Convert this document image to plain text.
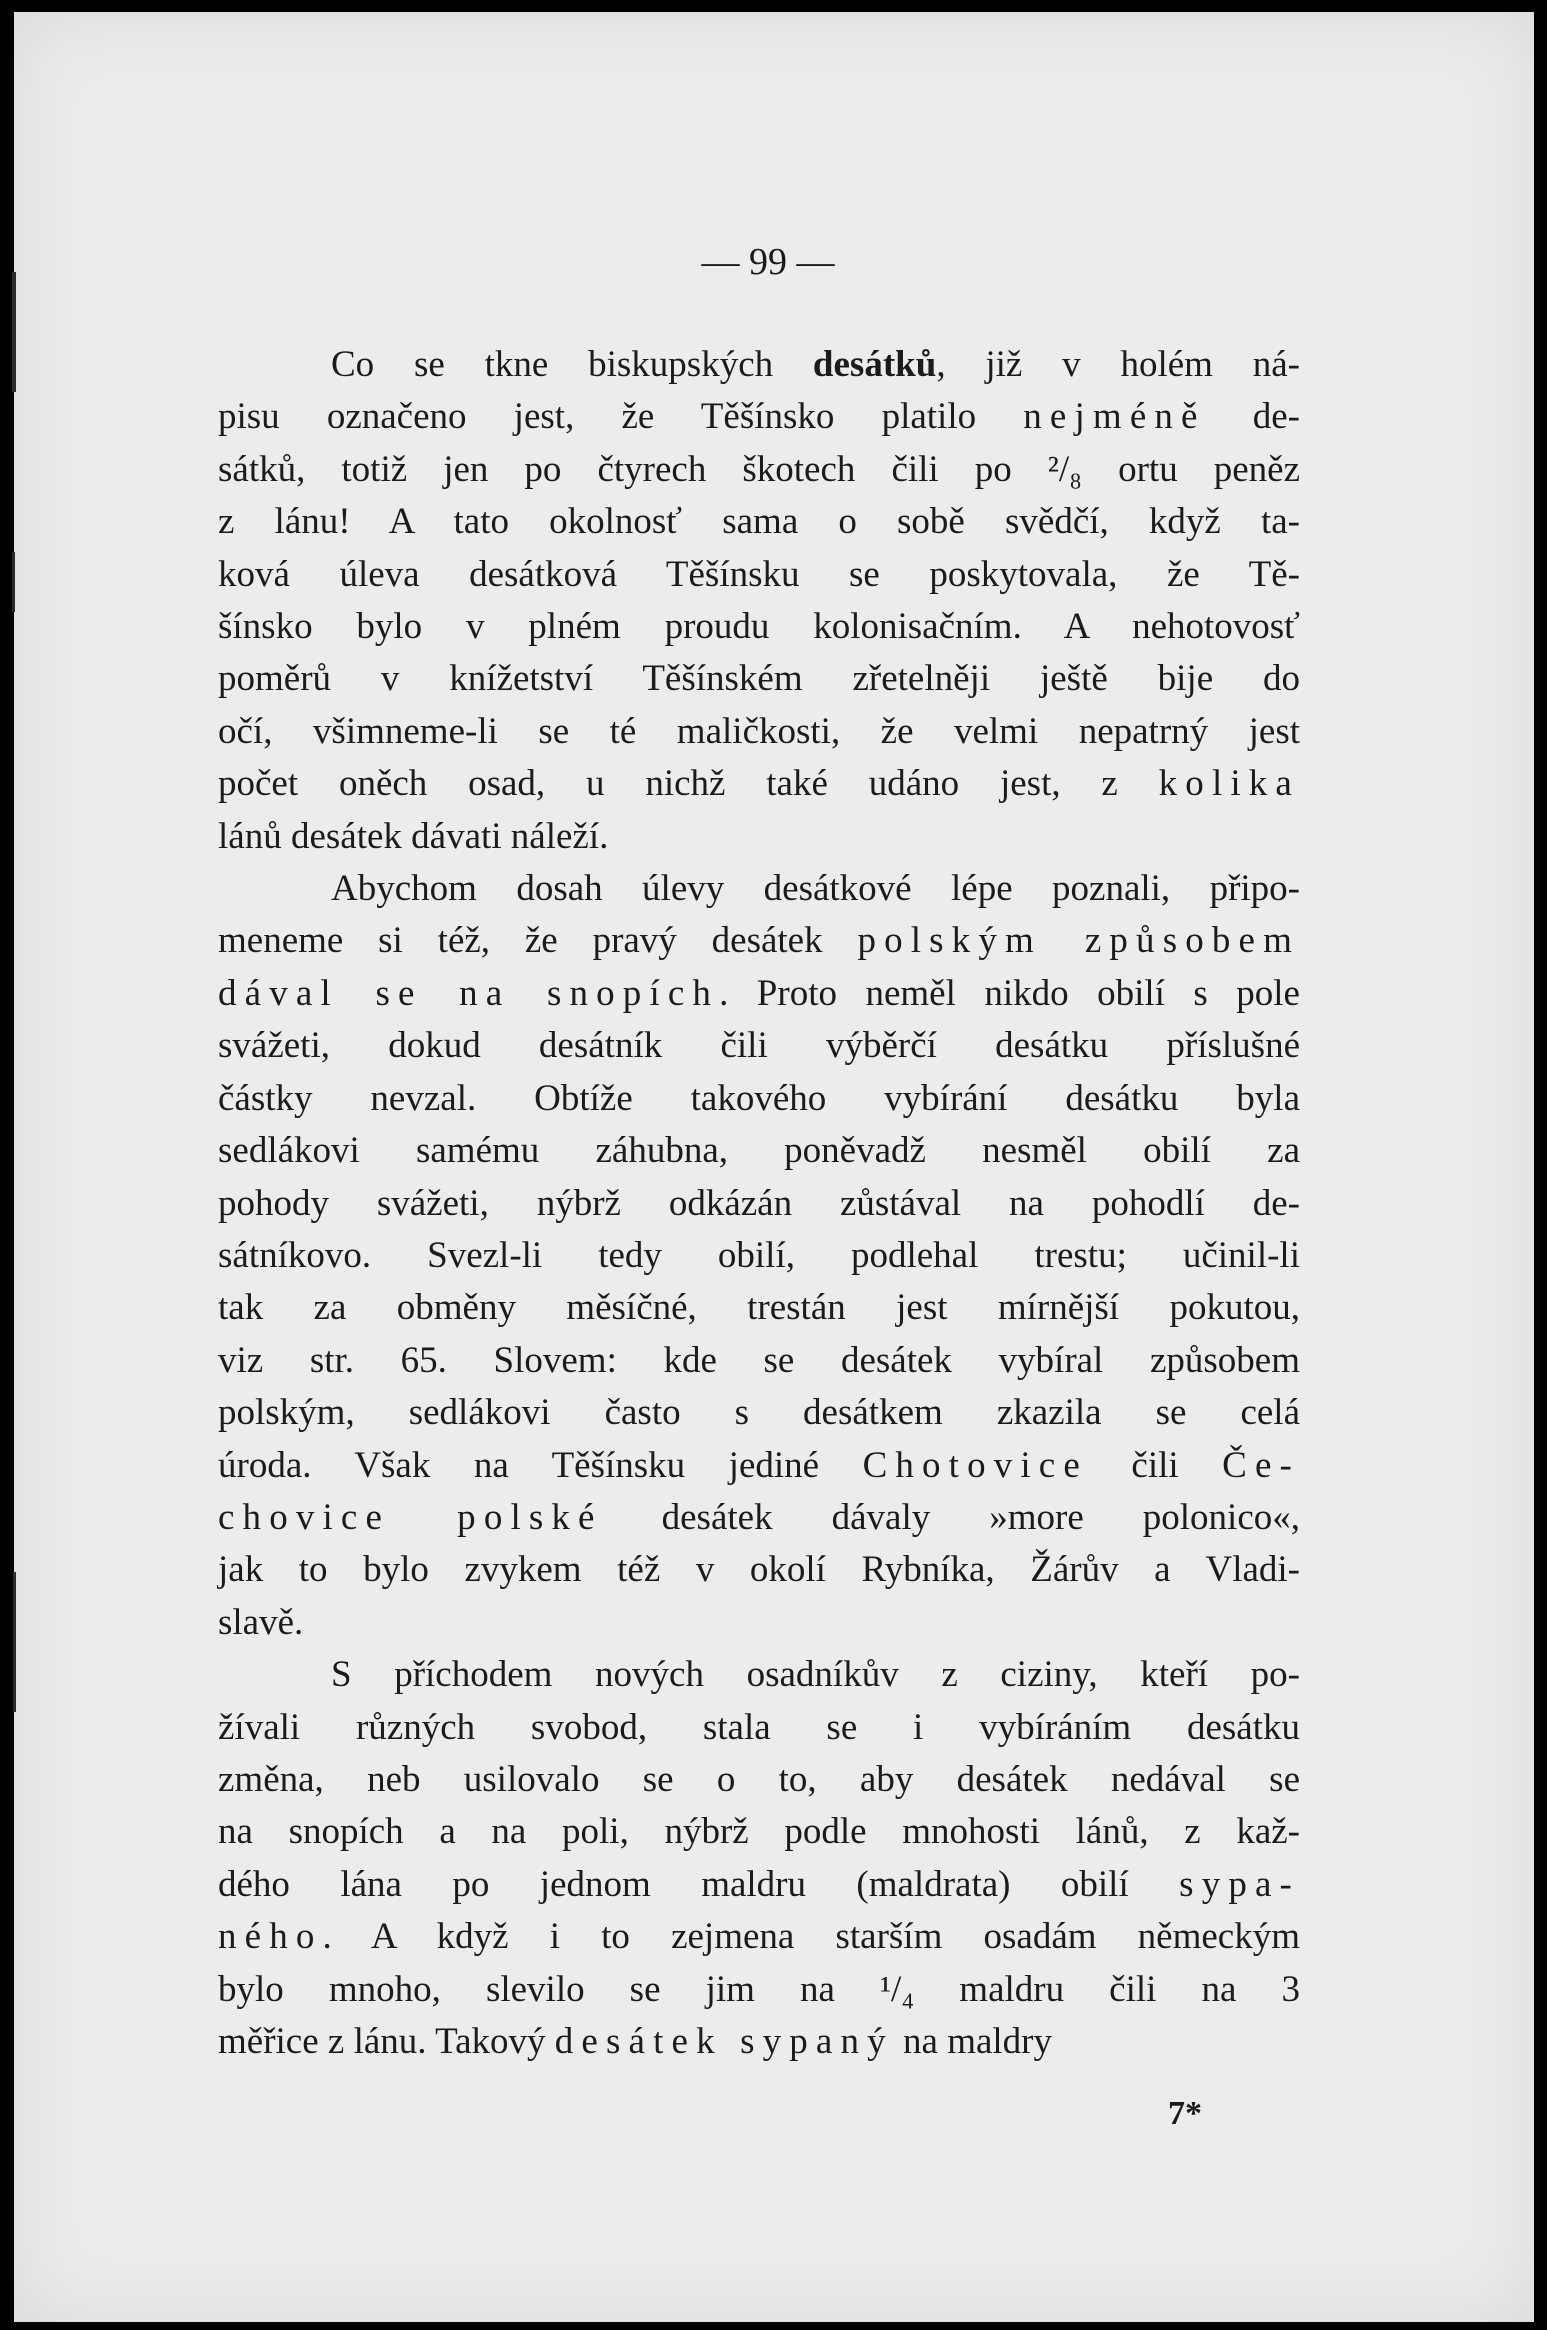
— 99 —

Co se tkne biskupských desátků, již v holém ná-

pisu označeno jest, že Těšínsko platilo nejméně de-

sátků, totiž jen po čtyrech škotech čili po ²/₈ ortu peněz

z lánu! A tato okolnosť sama o sobě svědčí, když ta-

ková úleva desátková Těšínsku se poskytovala, že Tě-

šínsko bylo v plném proudu kolonisačním. A nehotovosť

poměrů v knížetství Těšínském zřetelněji ještě bije do

očí, všimneme-li se té maličkosti, že velmi nepatrný jest

počet oněch osad, u nichž také udáno jest, z kolika

lánů desátek dávati náleží.

Abychom dosah úlevy desátkové lépe poznali, připo-

meneme si též, že pravý desátek polským způsobem

dával se na snopích. Proto neměl nikdo obilí s pole

svážeti, dokud desátník čili výběrčí desátku příslušné

částky nevzal. Obtíže takového vybírání desátku byla

sedlákovi samému záhubna, poněvadž nesměl obilí za

pohody svážeti, nýbrž odkázán zůstával na pohodlí de-

sátníkovo. Svezl-li tedy obilí, podlehal trestu; učinil-li

tak za obměny měsíčné, trestán jest mírnější pokutou,

viz str. 65. Slovem: kde se desátek vybíral způsobem

polským, sedlákovi často s desátkem zkazila se celá

úroda. Však na Těšínsku jediné Chotovice čili Če-

chovice polské desátek dávaly »more polonico«,

jak to bylo zvykem též v okolí Rybníka, Žárův a Vladi-

slavě.

S příchodem nových osadníkův z ciziny, kteří po-

žívali různých svobod, stala se i vybíráním desátku

změna, neb usilovalo se o to, aby desátek nedával se

na snopích a na poli, nýbrž podle mnohosti lánů, z kaž-

dého lána po jednom maldru (maldrata) obilí sypa-

ného. A když i to zejmena starším osadám německým

bylo mnoho, slevilo se jim na ¹/₄ maldru čili na 3

měřice z lánu. Takový desátek sypaný na maldry

7*
